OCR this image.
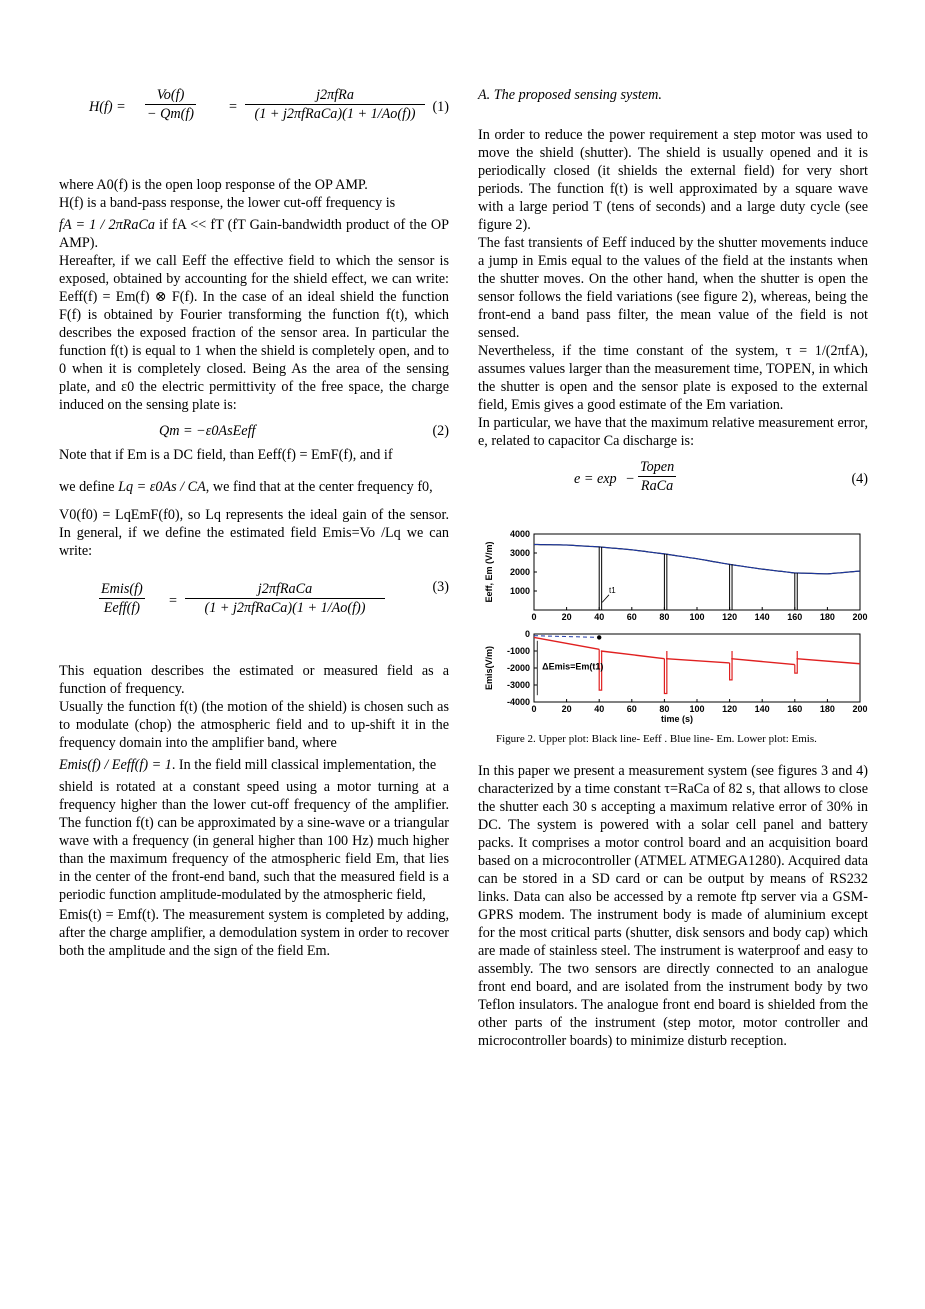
$H(f) = \frac{Vo(f)}{- Qm(f)}$ =
j2πfRa
(1 + j2πfRaCa)(1 + 1/Ao(f))	(1)

where A0(f) is the open loop response of the OP AMP.

H(f) is a band-pass response, the lower cut-off frequency is

fA = 1 / 2πRaCa if fA << fT (fT Gain-bandwidth product of the OP AMP).

Hereafter, if we call Eeff the effective field to which the sensor is exposed, obtained by accounting for the shield effect, we can write: Eeff(f) = Em(f) ⊗ F(f). In the case of an ideal shield the function F(f) is obtained by Fourier transforming the function f(t), which describes the exposed fraction of the sensor area. In particular the function f(t) is equal to 1 when the shield is completely open, and to 0 when it is completely closed. Being As the area of the sensing plate, and ε0 the electric permittivity of the free space, the charge induced on the sensing plate is:

Qm = −ε0AsEeff	(2)

Note that if Em is a DC field, than Eeff(f) = EmF(f), and if

we define Lq = ε0As / CA, we find that at the center frequency f0,

V0(f0) = LqEmF(f0), so Lq represents the ideal gain of the sensor. In general, if we define the estimated field Emis=Vo /Lq we can write:

Emis(f)
Eeff(f)	=
j2πfRaCa
(1 + j2πfRaCa)(1 + 1/Ao(f))
(3)

This equation describes the estimated or measured field as a function of frequency.

Usually the function f(t) (the motion of the shield) is chosen such as to modulate (chop) the atmospheric field and to up-shift it in the frequency domain into the amplifier band, where

Emis(f) / Eeff(f) = 1. In the field mill classical implementation, the

shield is rotated at a constant speed using a motor turning at a frequency higher than the lower cut-off frequency of the amplifier. The function f(t) can be approximated by a sine-wave or a triangular wave with a frequency (in general higher than 100 Hz) much higher than the maximum frequency of the atmospheric field Em, that lies in the center of the front-end band, such that the measured field is a periodic function amplitude-modulated by the atmospheric field,

Emis(t) = Emf(t). The measurement system is completed by adding, after the charge amplifier, a demodulation system in order to recover both the amplitude and the sign of the field Em.

A. The proposed sensing system.

In order to reduce the power requirement a step motor was used to move the shield (shutter). The shield is usually opened and it is periodically closed (it shields the external field) for very short periods. The function f(t) is well approximated by a square wave with a large period T (tens of seconds) and a large duty cycle (see figure 2).

The fast transients of Eeff induced by the shutter movements induce a jump in Emis equal to the values of the field at the instants when the shutter moves. On the other hand, when the shutter is open the sensor follows the field variations (see figure 2), whereas, being the front-end a band pass filter, the mean value of the field is not sensed.

Nevertheless, if the time constant of the system, τ = 1/(2πfA), assumes values larger than the measurement time, TOPEN, in which the shutter is open and the sensor plate is exposed to the external field, Emis gives a good estimate of the Em variation.

In particular, we have that the maximum relative measurement error, e, related to capacitor Ca discharge is:

e = exp −
Topen
RaCa	(4)
0	20	40	60	80 100 120 140 160 180 200
1000
2000
3000
4000
Eeff, Em (V/m)	t1
0	20	40	60	80 100 120 140 160 180 200
0
-1000
-2000
-3000
-4000
Emis(V/m)
time (s)
ΔEmis=Em(t1)

Figure 2. Upper plot: Black line- Eeff . Blue line- Em. Lower plot: Emis.

In this paper we present a measurement system (see figures 3 and 4) characterized by a time constant τ=RaCa of 82 s, that allows to close the shutter each 30 s accepting a maximum relative error of 30% in DC. The system is powered with a solar cell panel and battery packs. It comprises a motor control board and an acquisition board based on a microcontroller (ATMEL ATMEGA1280). Acquired data can be stored in a SD card or can be output by means of RS232 links. Data can also be accessed by a remote ftp server via a GSM-GPRS modem. The instrument body is made of aluminium except for the most critical parts (shutter, disk sensors and body cap) which are made of stainless steel. The instrument is waterproof and easy to assembly. The two sensors are directly connected to an analogue front end board, and are isolated from the instrument body by two Teflon insulators. The analogue front end board is shielded from the other parts of the instrument (step motor, motor controller and microcontroller boards) to minimize disturb reception.
